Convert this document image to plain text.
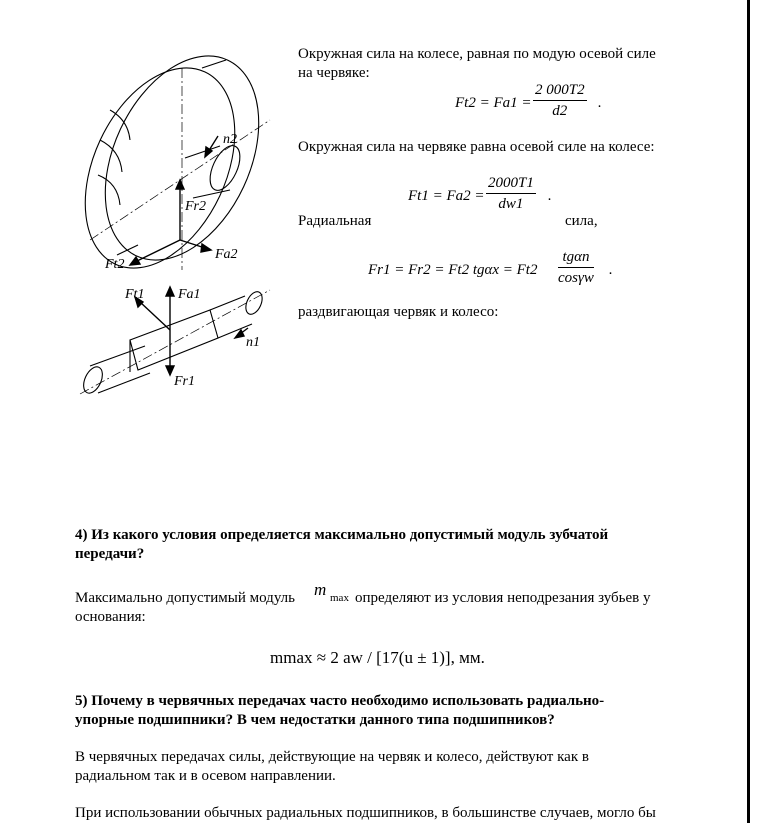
n2
Fr2
Ft2
Fa2
Ft1 Fa1
n1
Fr1
Окружная сила на колесе, равная по модую осевой силе
на червяке:
$Ft2 = Fa1 = \frac{2 000T2}{d2}$ .
Окружная сила на червяке равна осевой силе на колесе:
$Ft1 = Fa2 = \frac{2000T1}{dw1}$ .
Радиальная	сила,
Fr1 = Fr2 = Ft2 tgαx = Ft2
tgαn
cosγw .
раздвигающая червяк и колесо:
4) Из какого условия определяется максимально допустимый модуль зубчатой
передачи?
Максимально допустимый модуль m max определяют из условия неподрезания зубьев у
основания:
mmax ≈ 2 aw / [17(u ± 1)], мм.
5) Почему в червячных передачах часто необходимо использовать радиально-
упорные подшипники? В чем недостатки данного типа подшипников?
В червячных передачах силы, действующие на червяк и колесо, действуют как в
радиальном так и в осевом направлении.
При использовании обычных радиальных подшипников, в большинстве случаев, могло бы
